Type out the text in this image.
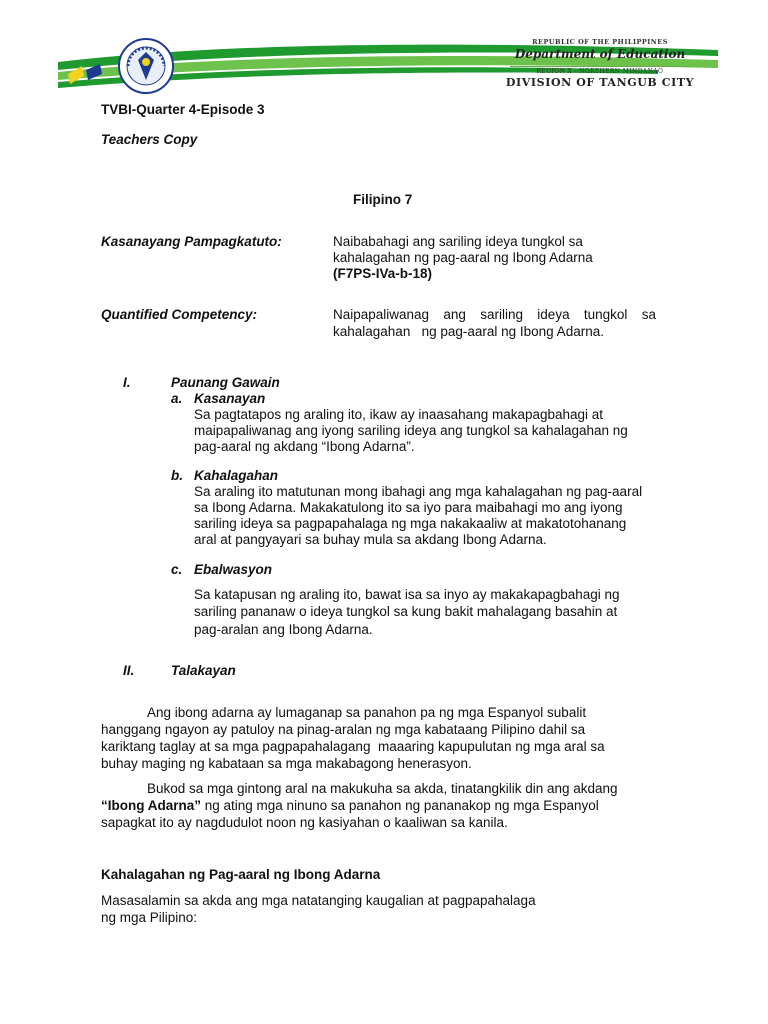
REPUBLIC OF THE PHILIPPINES
Department of Education
REGION X - NORTHERN MINDANAO
DIVISION OF TANGUB CITY
TVBI-Quarter 4-Episode 3
Teachers Copy
Filipino 7
Kasanayang Pampagkatuto:	Naibabahagi ang sariling ideya tungkol sa
kahalagahan ng pag-aaral ng Ibong Adarna
(F7PS-IVa-b-18)
Quantified Competency:	Naipapaliwanag ang sariling ideya tungkol sa
kahalagahan   ng pag-aaral ng Ibong Adarna.
I.	Paunang Gawain
a. Kasanayan
Sa pagtatapos ng araling ito, ikaw ay inaasahang makapagbahagi at
maipapaliwanag ang iyong sariling ideya ang tungkol sa kahalagahan ng
pag-aaral ng akdang “Ibong Adarna”.
b. Kahalagahan
Sa araling ito matutunan mong ibahagi ang mga kahalagahan ng pag-aaral
sa Ibong Adarna. Makakatulong ito sa iyo para maibahagi mo ang iyong
sariling ideya sa pagpapahalaga ng mga nakakaaliw at makatotohanang
aral at pangyayari sa buhay mula sa akdang Ibong Adarna.
c. Ebalwasyon
Sa katapusan ng araling ito, bawat isa sa inyo ay makakapagbahagi ng
sariling pananaw o ideya tungkol sa kung bakit mahalagang basahin at
pag-aralan ang Ibong Adarna.
II.	Talakayan
Ang ibong adarna ay lumaganap sa panahon pa ng mga Espanyol subalit
hanggang ngayon ay patuloy na pinag-aralan ng mga kabataang Pilipino dahil sa
kariktang taglay at sa mga pagpapahalagang  maaaring kapupulutan ng mga aral sa
buhay maging ng kabataan sa mga makabagong henerasyon.
Bukod sa mga gintong aral na makukuha sa akda, tinatangkilik din ang akdang
“Ibong Adarna” ng ating mga ninuno sa panahon ng pananakop ng mga Espanyol
sapagkat ito ay nagdudulot noon ng kasiyahan o kaaliwan sa kanila.
Kahalagahan ng Pag-aaral ng Ibong Adarna
Masasalamin sa akda ang mga natatanging kaugalian at pagpapahalaga
ng mga Pilipino:
